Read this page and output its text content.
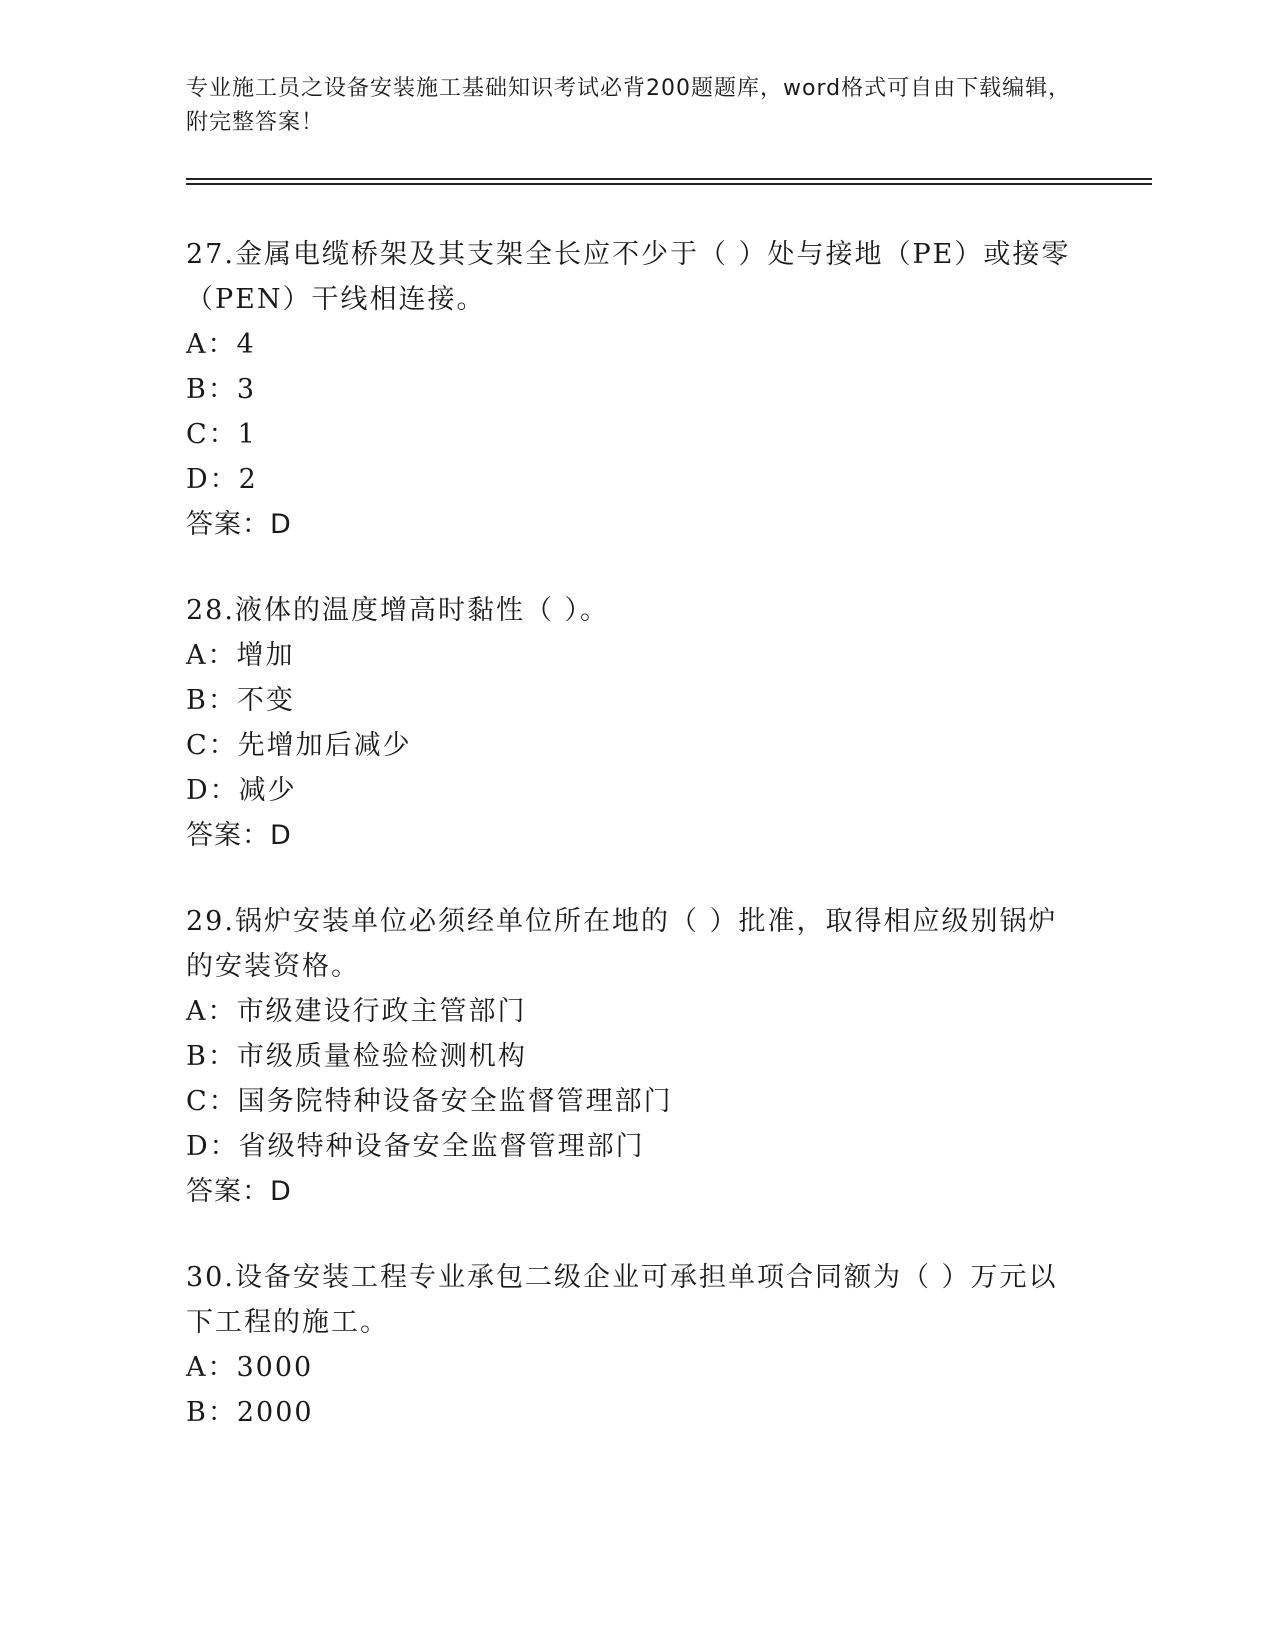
专业施工员之设备安装施工基础知识考试必背200题题库，word格式可自由下载编辑，附完整答案！

27.金属电缆桥架及其支架全长应不少于（ ）处与接地（PE）或接零（PEN）干线相连接。

A：4

B：3

C：1

D：2

答案：D

28.液体的温度增高时黏性（ ）。

A：增加

B：不变

C：先增加后减少

D：减少

答案：D

29.锅炉安装单位必须经单位所在地的（ ）批准，取得相应级别锅炉的安装资格。

A：市级建设行政主管部门

B：市级质量检验检测机构

C：国务院特种设备安全监督管理部门

D：省级特种设备安全监督管理部门

答案：D

30.设备安装工程专业承包二级企业可承担单项合同额为（ ）万元以下工程的施工。

A：3000

B：2000
